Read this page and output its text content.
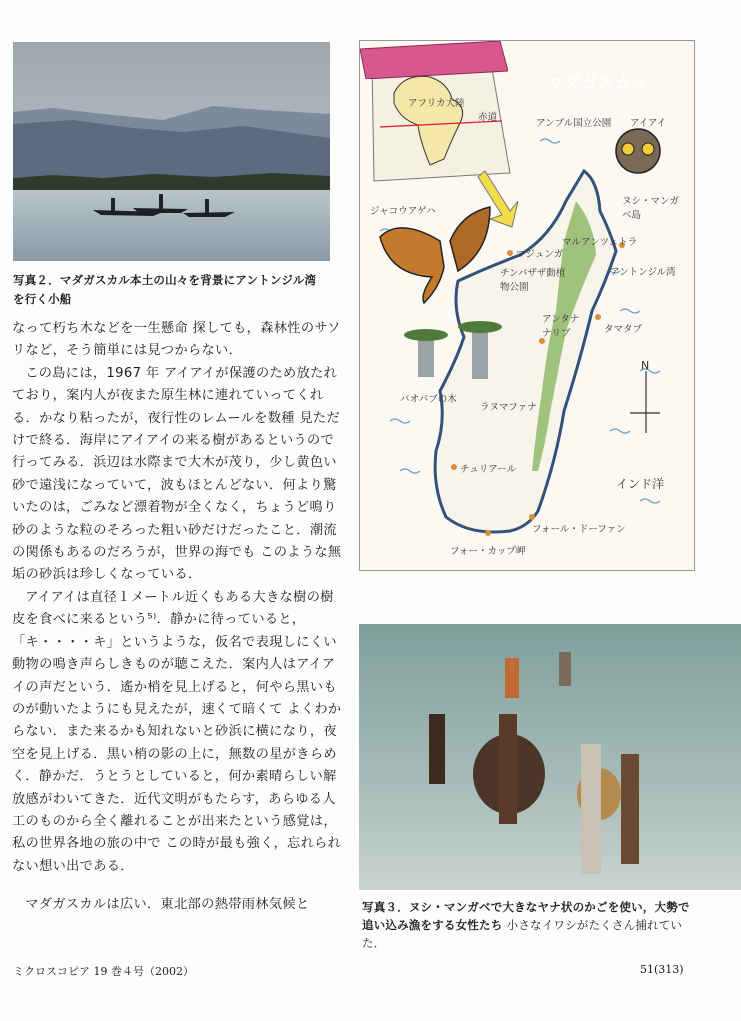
写真２．マダガスカル本土の山々を背景にアントンジル湾
を行く小船

なって朽ち木などを一生懸命 探しても，森林性のサソリなど，そう簡単には見つからない．

この島には，1967 年 アイアイが保護のため放たれており，案内人が夜また原生林に連れていってくれる．かなり粘ったが，夜行性のレムールを数種 見ただけで終る．海岸にアイアイの来る樹があるというので 行ってみる．浜辺は水際まで大木が茂り，少し黄色い砂で遠浅になっていて，波もほとんどない．何より驚いたのは，ごみなど漂着物が全くなく，ちょうど鳴り砂のような粒のそろった粗い砂だけだったこと．潮流の関係もあるのだろうが，世界の海でも このような無垢の砂浜は珍しくなっている．

アイアイは直径１メートル近くもある大きな樹の樹皮を食べに来るという⁵⁾．静かに待っていると，「キ・・・・キ」というような，仮名で表現しにくい動物の鳴き声らしきものが聴こえた．案内人はアイアイの声だという．遙か梢を見上げると，何やら黒いものが動いたようにも見えたが，速くて暗くて よくわからない．また来るかも知れないと砂浜に横になり，夜空を見上げる．黒い梢の影の上に，無数の星がきらめく．静かだ．うとうとしていると，何か素晴らしい解放感がわいてきた．近代文明がもたらす，あらゆる人工のものから全く離れることが出来たという感覚は，私の世界各地の旅の中で この時が最も強く，忘れられない想い出である．

マダガスカルは広い．東北部の熱帯雨林気候と

マダガスカル
アフリカ大陸
赤道
アンブル国立公園 アイアイ
ヌシ・マンガベ島
ジャコウアゲハ
マジュンガ
マルアンツェトラ
アントンジル湾
チンバザザ動植物公園
アンタナナリブ	タマタブ
バオバブの木
ラヌマファナ
チュリアール
インド洋
フォール・ドーファン
フォー・カップ岬
N
写真３．ヌシ・マンガベで大きなヤナ状のかごを使い，大勢で追い込み漁をする女性たち 小さなイワシがたくさん捕れていた．
ミクロスコピア 19 巻４号（2002）	51(313)
